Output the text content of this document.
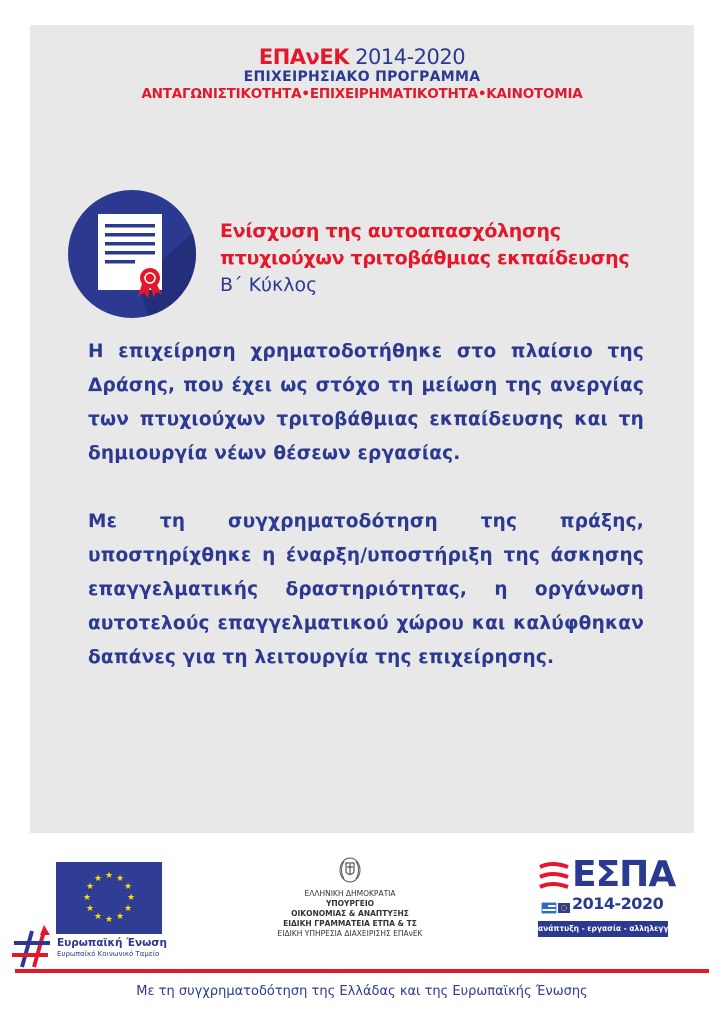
ΕΠΑνΕΚ 2014-2020
ΕΠΙΧΕΙΡΗΣΙΑΚΟ ΠΡΟΓΡΑΜΜΑ
ΑΝΤΑΓΩΝΙΣΤΙΚΟΤΗΤΑ•ΕΠΙΧΕΙΡΗΜΑΤΙΚΟΤΗΤΑ•ΚΑΙΝΟΤΟΜΙΑ
Ενίσχυση της αυτοαπασχόλησης
πτυχιούχων τριτοβάθμιας εκπαίδευσης
Β΄ Κύκλος

Η επιχείρηση χρηματοδοτήθηκε στο πλαίσιο της Δράσης, που έχει ως στόχο τη μείωση της ανεργίας των πτυχιούχων τριτοβάθμιας εκπαίδευσης και τη δημιουργία νέων θέσεων εργασίας.

Με τη συγχρηματοδότηση της πράξης, υποστηρίχθηκε η έναρξη/υποστήριξη της άσκησης επαγγελματικής δραστηριότητας, η οργάνωση αυτοτελούς επαγγελματικού χώρου και καλύφθηκαν δαπάνες για τη λειτουργία της επιχείρησης.

★ ★
★
★
★
★
★
★
★
★
★
★
Ευρωπαϊκή Ένωση
Ευρωπαϊκό Κοινωνικό Ταμείο
ΕΛΛΗΝΙΚΗ ΔΗΜΟΚΡΑΤΙΑ
ΥΠΟΥΡΓΕΙΟ
ΟΙΚΟΝΟΜΙΑΣ & ΑΝΑΠΤΥΞΗΣ
ΕΙΔΙΚΗ ΓΡΑΜΜΑΤΕΙΑ ΕΤΠΑ & ΤΣ
ΕΙΔΙΚΗ ΥΠΗΡΕΣΙΑ ΔΙΑΧΕΙΡΙΣΗΣ ΕΠΑνΕΚ
ΕΣΠΑ
2014-2020
ανάπτυξη - εργασία - αλληλεγγύη
Με τη συγχρηματοδότηση της Ελλάδας και της Ευρωπαϊκής Ένωσης
